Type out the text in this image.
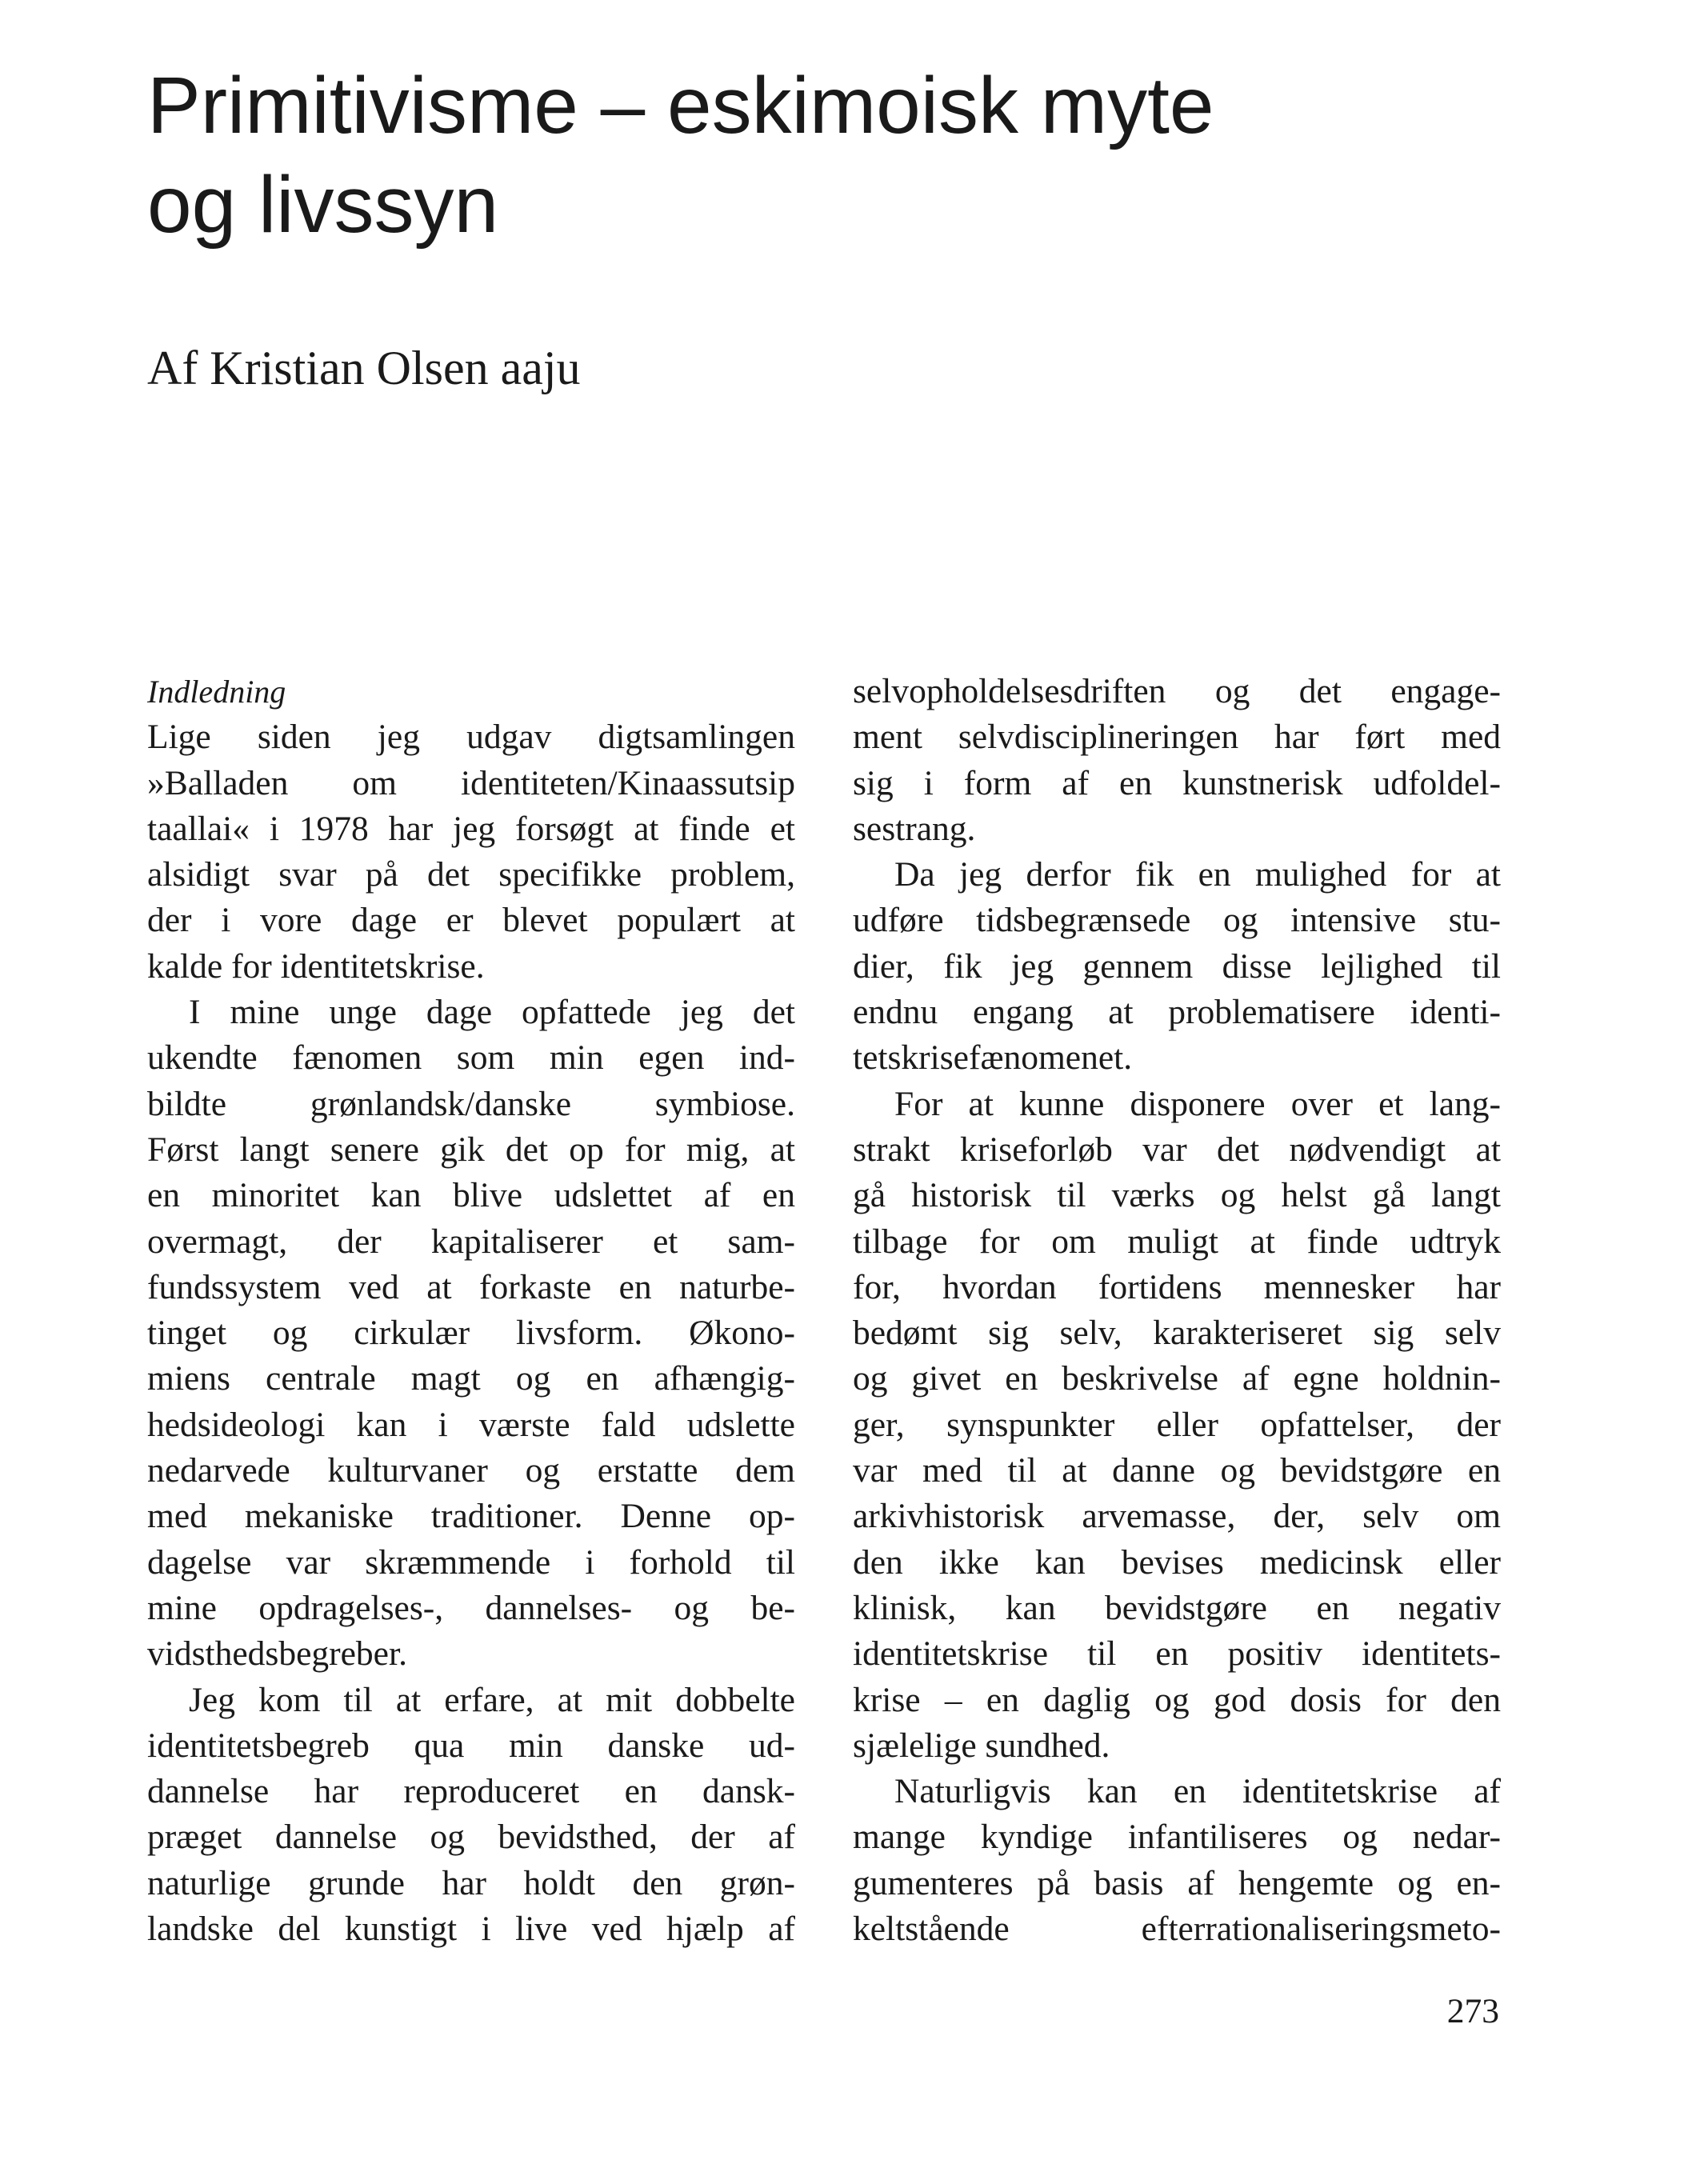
Primitivisme – eskimoisk myte
og livssyn

Af Kristian Olsen aaju

Indledning
Lige siden jeg udgav digtsamlingen
»Balladen om identiteten/Kinaassutsip
taallai« i 1978 har jeg forsøgt at finde et
alsidigt svar på det specifikke problem,
der i vore dage er blevet populært at
kalde for identitetskrise.
I mine unge dage opfattede jeg det
ukendte fænomen som min egen ind-
bildte grønlandsk/danske symbiose.
Først langt senere gik det op for mig, at
en minoritet kan blive udslettet af en
overmagt, der kapitaliserer et sam-
fundssystem ved at forkaste en naturbe-
tinget og cirkulær livsform. Økono-
miens centrale magt og en afhængig-
hedsideologi kan i værste fald udslette
nedarvede kulturvaner og erstatte dem
med mekaniske traditioner. Denne op-
dagelse var skræmmende i forhold til
mine opdragelses-, dannelses- og be-
vidsthedsbegreber.
Jeg kom til at erfare, at mit dobbelte
identitetsbegreb qua min danske ud-
dannelse har reproduceret en dansk-
præget dannelse og bevidsthed, der af
naturlige grunde har holdt den grøn-
landske del kunstigt i live ved hjælp af
selvopholdelsesdriften og det engage-
ment selvdisciplineringen har ført med
sig i form af en kunstnerisk udfoldel-
sestrang.
Da jeg derfor fik en mulighed for at
udføre tidsbegrænsede og intensive stu-
dier, fik jeg gennem disse lejlighed til
endnu engang at problematisere identi-
tetskrisefænomenet.
For at kunne disponere over et lang-
strakt kriseforløb var det nødvendigt at
gå historisk til værks og helst gå langt
tilbage for om muligt at finde udtryk
for, hvordan fortidens mennesker har
bedømt sig selv, karakteriseret sig selv
og givet en beskrivelse af egne holdnin-
ger, synspunkter eller opfattelser, der
var med til at danne og bevidstgøre en
arkivhistorisk arvemasse, der, selv om
den ikke kan bevises medicinsk eller
klinisk, kan bevidstgøre en negativ
identitetskrise til en positiv identitets-
krise – en daglig og god dosis for den
sjælelige sundhed.
Naturligvis kan en identitetskrise af
mange kyndige infantiliseres og nedar-
gumenteres på basis af hengemte og en-
keltstående efterrationaliseringsmeto-

273
